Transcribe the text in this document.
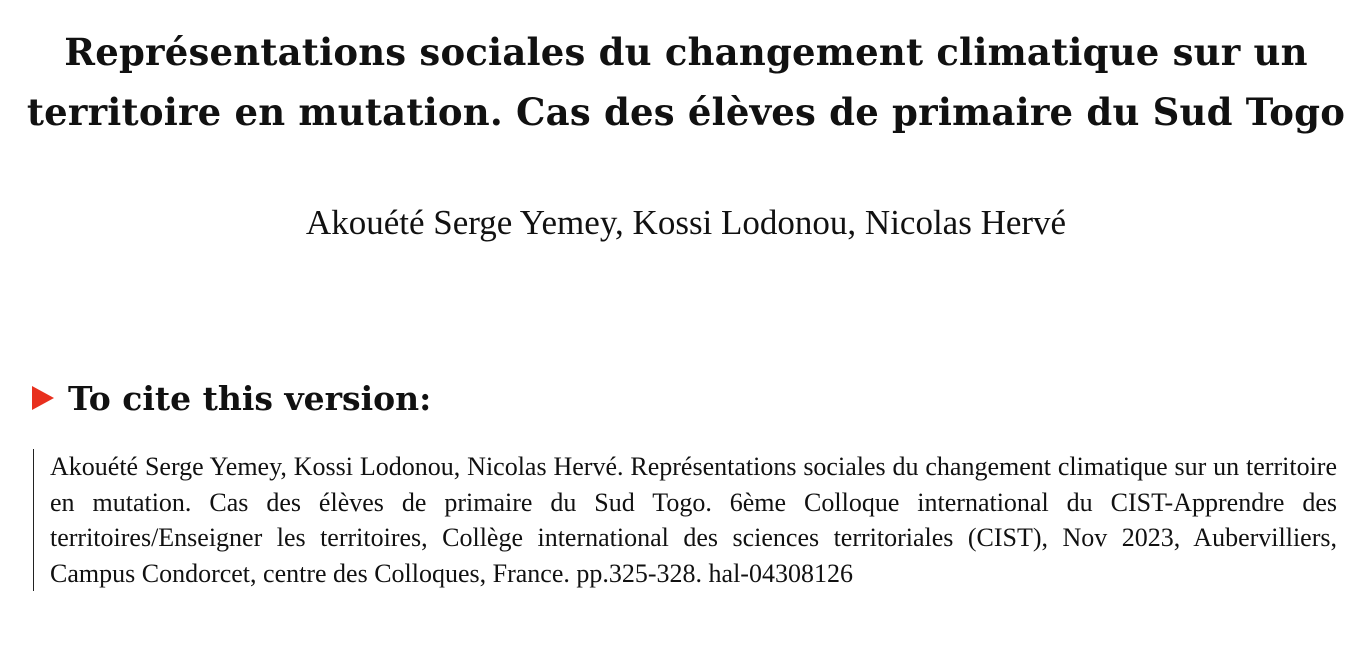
Représentations sociales du changement climatique sur un territoire en mutation. Cas des élèves de primaire du Sud Togo

Akouété Serge Yemey, Kossi Lodonou, Nicolas Hervé

To cite this version:

Akouété Serge Yemey, Kossi Lodonou, Nicolas Hervé. Représentations sociales du changement climatique sur un territoire en mutation. Cas des élèves de primaire du Sud Togo. 6ème Colloque international du CIST-Apprendre des territoires/Enseigner les territoires, Collège international des sciences territoriales (CIST), Nov 2023, Aubervilliers, Campus Condorcet, centre des Colloques, France. pp.325-328. hal-04308126
